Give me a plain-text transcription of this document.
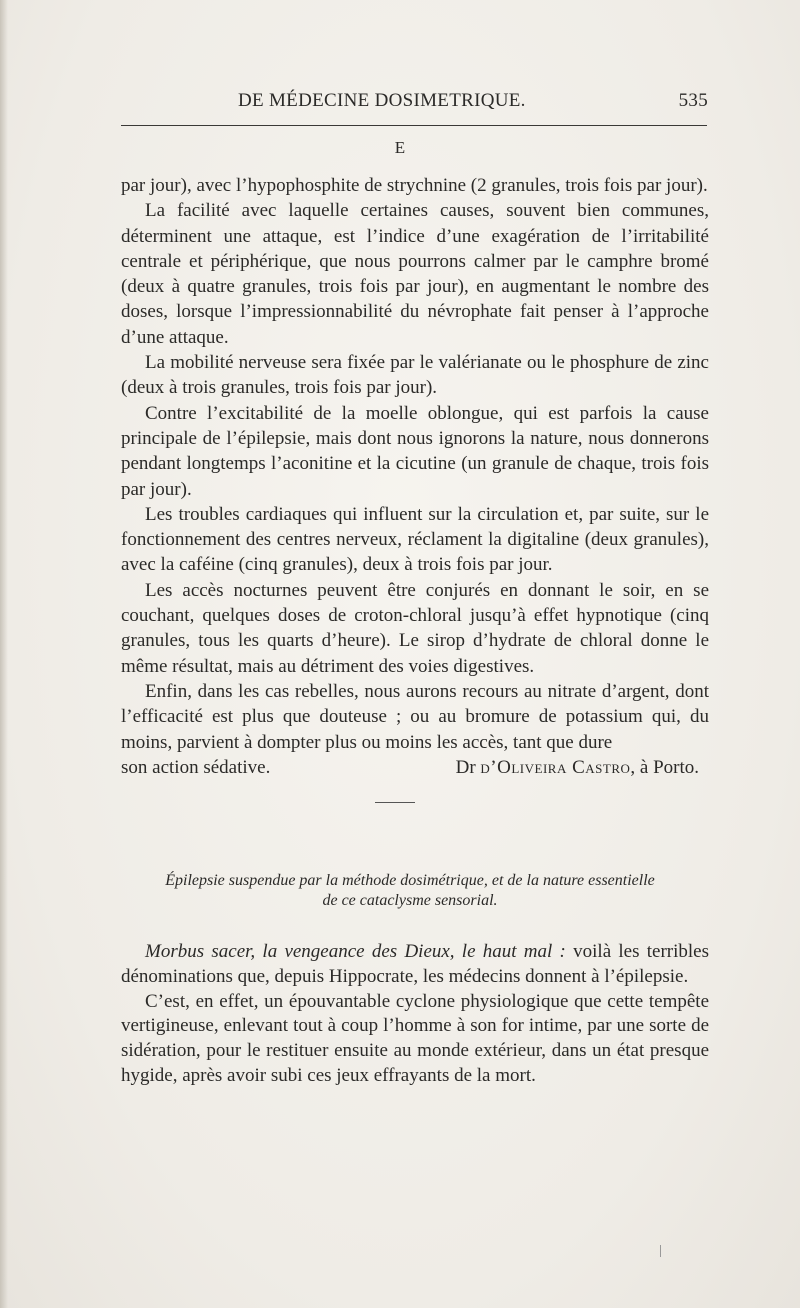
DE MÉDECINE DOSIMETRIQUE.	535
E

par jour), avec l’hypophosphite de strychnine (2 granules, trois fois par jour).

La facilité avec laquelle certaines causes, souvent bien communes, déterminent une attaque, est l’indice d’une exagération de l’irritabilité centrale et périphérique, que nous pourrons calmer par le camphre bromé (deux à quatre granules, trois fois par jour), en augmentant le nombre des doses, lorsque l’impressionnabilité du névrophate fait penser à l’approche d’une attaque.

La mobilité nerveuse sera fixée par le valérianate ou le phosphure de zinc (deux à trois granules, trois fois par jour).

Contre l’excitabilité de la moelle oblongue, qui est parfois la cause principale de l’épilepsie, mais dont nous ignorons la nature, nous donnerons pendant longtemps l’aconitine et la cicutine (un granule de chaque, trois fois par jour).

Les troubles cardiaques qui influent sur la circulation et, par suite, sur le fonctionnement des centres nerveux, réclament la digitaline (deux granules), avec la caféine (cinq granules), deux à trois fois par jour.

Les accès nocturnes peuvent être conjurés en donnant le soir, en se couchant, quelques doses de croton-chloral jusqu’à effet hypnotique (cinq granules, tous les quarts d’heure). Le sirop d’hydrate de chloral donne le même résultat, mais au détriment des voies digestives.

Enfin, dans les cas rebelles, nous aurons recours au nitrate d’argent, dont l’efficacité est plus que douteuse ; ou au bromure de potassium qui, du moins, parvient à dompter plus ou moins les accès, tant que dure

son action sédative.	Dr d’Oliveira Castro, à Porto.
Épilepsie suspendue par la méthode dosimétrique, et de la nature essentielle
de ce cataclysme sensorial.

Morbus sacer, la vengeance des Dieux, le haut mal : voilà les terribles dénominations que, depuis Hippocrate, les médecins donnent à l’épilepsie.

C’est, en effet, un épouvantable cyclone physiologique que cette tempête vertigineuse, enlevant tout à coup l’homme à son for intime, par une sorte de sidération, pour le restituer ensuite au monde extérieur, dans un état presque hygide, après avoir subi ces jeux effrayants de la mort.
